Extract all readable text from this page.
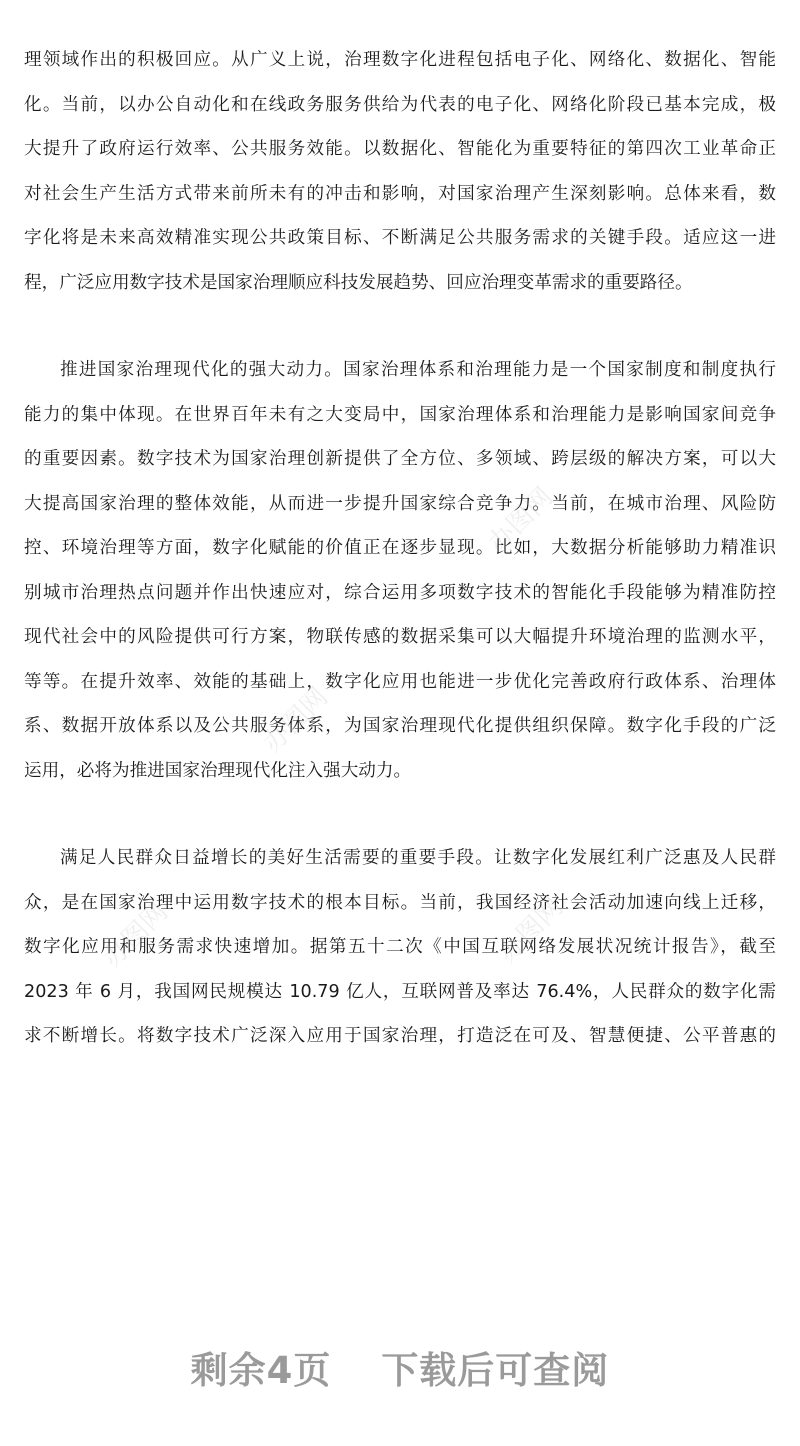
理领域作出的积极回应。从广义上说，治理数字化进程包括电子化、网络化、数据化、智能
化。当前，以办公自动化和在线政务服务供给为代表的电子化、网络化阶段已基本完成，极
大提升了政府运行效率、公共服务效能。以数据化、智能化为重要特征的第四次工业革命正
对社会生产生活方式带来前所未有的冲击和影响，对国家治理产生深刻影响。总体来看，数
字化将是未来高效精准实现公共政策目标、不断满足公共服务需求的关键手段。适应这一进
程，广泛应用数字技术是国家治理顺应科技发展趋势、回应治理变革需求的重要路径。
推进国家治理现代化的强大动力。国家治理体系和治理能力是一个国家制度和制度执行
能力的集中体现。在世界百年未有之大变局中，国家治理体系和治理能力是影响国家间竞争
的重要因素。数字技术为国家治理创新提供了全方位、多领域、跨层级的解决方案，可以大
大提高国家治理的整体效能，从而进一步提升国家综合竞争力。当前，在城市治理、风险防
控、环境治理等方面，数字化赋能的价值正在逐步显现。比如，大数据分析能够助力精准识
别城市治理热点问题并作出快速应对，综合运用多项数字技术的智能化手段能够为精准防控
现代社会中的风险提供可行方案，物联传感的数据采集可以大幅提升环境治理的监测水平，
等等。在提升效率、效能的基础上，数字化应用也能进一步优化完善政府行政体系、治理体
系、数据开放体系以及公共服务体系，为国家治理现代化提供组织保障。数字化手段的广泛
运用，必将为推进国家治理现代化注入强大动力。
满足人民群众日益增长的美好生活需要的重要手段。让数字化发展红利广泛惠及人民群
众，是在国家治理中运用数字技术的根本目标。当前，我国经济社会活动加速向线上迁移，
数字化应用和服务需求快速增加。据第五十二次《中国互联网络发展状况统计报告》，截至
2023 年 6 月，我国网民规模达 10.79 亿人，互联网普及率达 76.4%，人民群众的数字化需
求不断增长。将数字技术广泛深入应用于国家治理，打造泛在可及、智慧便捷、公平普惠的
办图网
办图网
办图网
办图网
剩余4页 下载后可查阅
